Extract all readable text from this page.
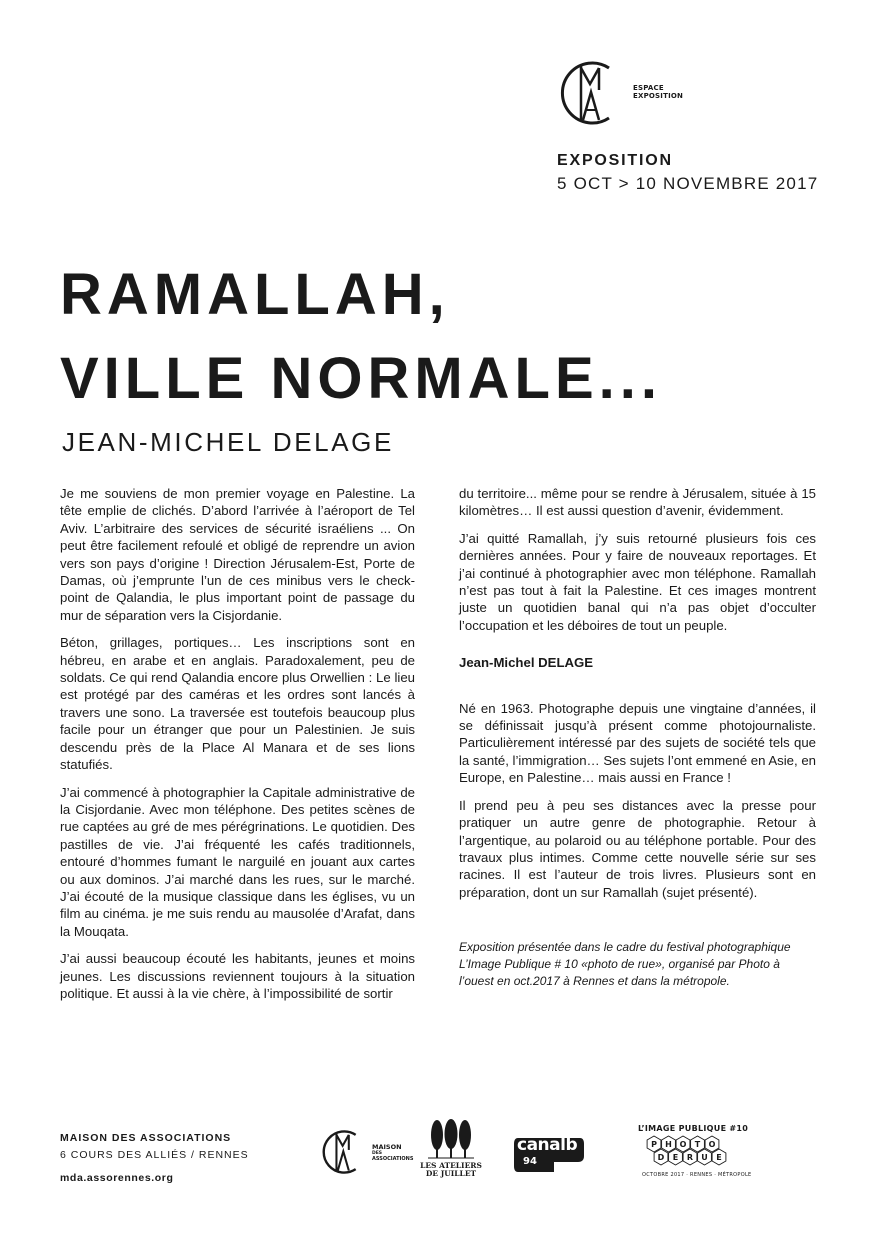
ESPACE
EXPOSITION
EXPOSITION
5 OCT > 10 NOVEMBRE 2017
RAMALLAH,
VILLE NORMALE...
JEAN-MICHEL DELAGE

Je me souviens de mon premier voyage en Palestine. La tête emplie de clichés. D’abord l’arrivée à l’aéroport de Tel Aviv. L’arbitraire des services de sécurité israéliens ... On peut être facilement refoulé et obligé de reprendre un avion vers son pays d’origine ! Direction Jérusalem-Est, Porte de Damas, où j’emprunte l’un de ces minibus vers le check-point de Qalandia, le plus important point de passage du mur de séparation vers la Cisjordanie.

Béton, grillages, portiques… Les inscriptions sont en hébreu, en arabe et en anglais. Paradoxalement, peu de soldats. Ce qui rend Qalandia encore plus Orwellien : Le lieu est protégé par des caméras et les ordres sont lancés à travers une sono. La traversée est toutefois beaucoup plus facile pour un étranger que pour un Palestinien. Je suis descendu près de la Place Al Manara et de ses lions statufiés.

J’ai commencé à photographier la Capitale administrative de la Cisjordanie. Avec mon téléphone. Des petites scènes de rue captées au gré de mes pérégrinations. Le quotidien. Des pastilles de vie. J’ai fréquenté les cafés traditionnels, entouré d’hommes fumant le narguilé en jouant aux cartes ou aux dominos. J’ai marché dans les rues, sur le marché. J’ai écouté de la musique classique dans les églises, vu un film au cinéma. je me suis rendu au mausolée d’Arafat, dans la Mouqata.

J’ai aussi beaucoup écouté les habitants, jeunes et moins jeunes. Les discussions reviennent toujours à la situation politique. Et aussi à la vie chère, à l’impossibilité de sortir

du territoire... même pour se rendre à Jérusalem, située à 15 kilomètres… Il est aussi question d’avenir, évidemment.

J’ai quitté Ramallah, j’y suis retourné plusieurs fois ces dernières années. Pour y faire de nouveaux reportages. Et j’ai continué à photographier avec mon téléphone. Ramallah n’est pas tout à fait la Palestine. Et ces images montrent juste un quotidien banal qui n’a pas objet d’occulter l’occupation et les déboires de tout un peuple.

Jean-Michel DELAGE

Né en 1963. Photographe depuis une vingtaine d’années, il se définissait jusqu’à présent comme photojournaliste. Particulièrement intéressé par des sujets de société tels que la santé, l’immigration… Ses sujets l’ont emmené en Asie, en Europe, en Palestine… mais aussi en France !

Il prend peu à peu ses distances avec la presse pour pratiquer un autre genre de photographie. Retour à l’argentique, au polaroid ou au téléphone portable. Pour des travaux plus intimes. Comme cette nouvelle série sur ses racines. Il est l’auteur de trois livres. Plusieurs sont en préparation, dont un sur Ramallah (sujet présenté).

Exposition présentée dans le cadre du festival photographique L’Image Publique # 10 «photo de rue», organisé par Photo à l’ouest en oct.2017 à Rennes et dans la métropole.

MAISON DES ASSOCIATIONS
6 COURS DES ALLIÉS / RENNES
mda.assorennes.org
MAISON
DES
ASSOCIATIONS
LES ATELIERS
DE JUILLET
canalb
94
L’IMAGE PUBLIQUE #10
P H O T O
D E R U E
OCTOBRE 2017 · RENNES · MÉTROPOLE
